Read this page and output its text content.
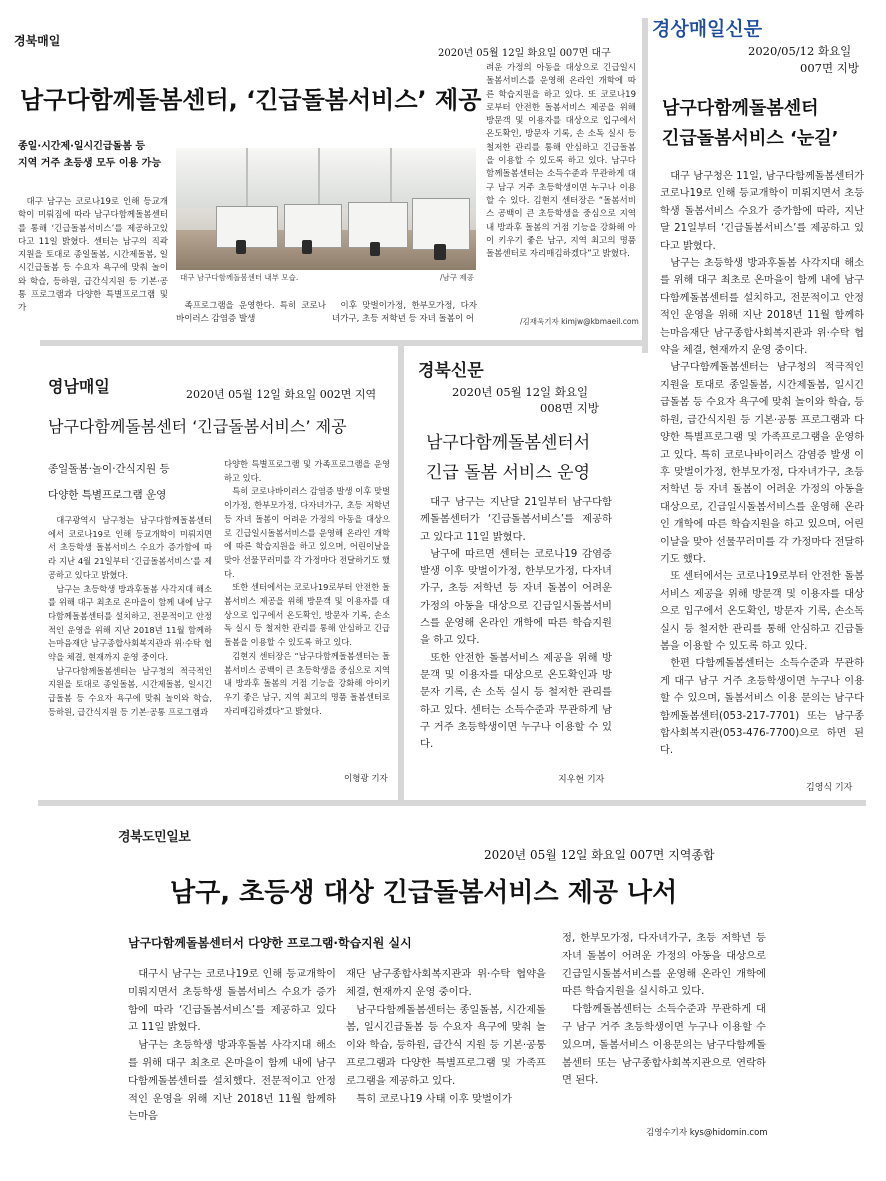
경북매일
2020년 05월 12일 화요일 007면 대구
남구다함께돌봄센터, ‘긴급돌봄서비스’ 제공
종일·시간제·일시긴급돌봄 등
지역 거주 초등생 모두 이용 가능
대구 남구다함께돌봄센터 내부 모습.	/남구 제공

대구 남구는 코로나19로 인해 등교개학이 미뤄짐에 따라 남구다함께돌봄센터를 통해 ‘긴급돌봄서비스’를 제공하고있다고 11일 밝혔다. 센터는 남구의 직곽 지원을 토대로 종일돌봄, 시간제돌봄, 일시긴급돌봄 등 수요자 욕구에 맞춰 놀이와 학습, 등하원, 급간식지원 등 기본·공통 프로그램과 다양한 특별프로그램 및 가	족프로그램을 운영한다. 특히 코로나바이러스 감염증 발생

이후 맞벌이가정, 한부모가정, 다자녀가구, 초등 저학년 등 자녀 돌봄이 어

려운 가정의 아동을 대상으로 긴급일시돌봄서비스를 운영해 온라인 개학에 따른 학습지원을 하고 있다. 또 코로나19로부터 안전한 돌봄서비스 제공을 위해 방문객 및 이용자를 대상으로 입구에서 온도확인, 방문자 기록, 손 소독 실시 등 철저한 관리를 통해 안심하고 긴급돌봄을 이용할 수 있도록 하고 있다. 남구다함께돌봄센터는 소득수준과 무관하게 대구 남구 거주 초등학생이면 누구나 이용할 수 있다. 김현지 센터장은 “돌봄서비스 공백이 큰 초등학생을 중심으로 지역 내 방과후 돌봄의 거점 기능을 강화해 아이 키우기 좋은 남구, 지역 최고의 명품 돌봄센터로 자리매김하겠다”고 밝혔다.

/김재욱기자 kimjw@kbmaeil.com
경상매일신문
2020/05/12 화요일
007면 지방
남구다함께돌봄센터
긴급돌봄서비스 ‘눈길’

대구 남구청은 11일, 남구다함께돌봄센터가 코로나19로 인해 등교개학이 미뤄지면서 초등학생 돌봄서비스 수요가 증가함에 따라, 지난달 21일부터 ‘긴급돌봄서비스’를 제공하고 있다고 밝혔다.

남구는 초등학생 방과후돌봄 사각지대 해소를 위해 대구 최초로 온마을이 함께 내에 남구다함께돌봄센터를 설치하고, 전문적이고 안정적인 운영을 위해 지난 2018년 11월 함께하는마음재단 남구종합사회복지관과 위·수탁 협약을 체결, 현재까지 운영 중이다.

남구다함께돌봄센터는 남구청의 적극적인 지원을 토대로 종일돌봄, 시간제돌봄, 일시긴급돌봄 등 수요자 욕구에 맞춰 놀이와 학습, 등하원, 급간식지원 등 기본·공통 프로그램과 다양한 특별프로그램 및 가족프로그램을 운영하고 있다. 특히 코로나바이러스 감염증 발생 이후 맞벌이가정, 한부모가정, 다자녀가구, 초등 저학년 등 자녀 돌봄이 어려운 가정의 아동을 대상으로, 긴급일시돌봄서비스를 운영해 온라인 개학에 따른 학습지원을 하고 있으며, 어린이날을 맞아 선물꾸러미를 각 가정마다 전달하기도 했다.

또 센터에서는 코로나19로부터 안전한 돌봄서비스 제공을 위해 방문객 및 이용자를 대상으로 입구에서 온도확인, 방문자 기록, 손소독 실시 등 철저한 관리를 통해 안심하고 긴급돌봄을 이용할 수 있도록 하고 있다.

한편 다함께돌봄센터는 소득수준과 무관하게 대구 남구 거주 초등학생이면 누구나 이용할 수 있으며, 돌봄서비스 이용 문의는 남구다함께돌봄센터(053-217-7701) 또는 남구종합사회복지관(053-476-7700)으로 하면 된다.

김영식 기자
영남매일	2020년 05월 12일 화요일 002면 지역
남구다함께돌봄센터 ‘긴급돌봄서비스’ 제공
종일돌봄·놀이·간식지원 등
다양한 특별프로그램 운영

대구광역시 남구청는 남구다함께돌봄센터에서 코로나19로 인해 등교개학이 미뤄지면서 초등학생 돌봄서비스 수요가 증가함에 따라 지난 4월 21일부터 ‘긴급돌봄서비스’를 제공하고 있다고 밝혔다.

남구는 초등학생 방과후돌봄 사각지대 해소를 위해 대구 최초로 온마을이 함께 내에 남구다함께돌봄센터를 설치하고, 전문적이고 안정적인 운영을 위해 지난 2018년 11월 함께하는마음재단 남구종합사회복지관과 위·수탁 협약을 체결, 현재까지 운영 중이다.

남구다함께돌봄센터는 남구청의 적극적인 지원을 토대로 종일돌봄, 시간제돌봄, 일시긴급돌봄 등 수요자 욕구에 맞춰 놀이와 학습, 등하원, 급간식지원 등 기본·공통 프로그램과

다양한 특별프로그램 및 가족프로그램을 운영하고 있다.

특히 코로나바이러스 감염증 발생 이후 맞벌이가정, 한부모가정, 다자녀가구, 초등 저학년 등 자녀 돌봄이 어려운 가정의 아동을 대상으로 긴급일시돌봄서비스를 운영해 온라인 개학에 따른 학습지원을 하고 있으며, 어린이날을 맞아 선물꾸러미를 각 가정마다 전달하기도 했다.

또한 센터에서는 코로나19로부터 안전한 돌봄서비스 제공을 위해 방문객 및 이용자를 대상으로 입구에서 온도확인, 방문자 기록, 손소독 실시 등 철저한 관리를 통해 안심하고 긴급돌봄을 이용할 수 있도록 하고 있다.

김현지 센터장은 “남구다함께돌봄센터는 돌봄서비스 공백이 큰 초등학생을 중심으로 지역 내 방과후 돌봄의 거점 기능을 강화해 아이키우기 좋은 남구, 지역 최고의 명품 돌봄센터로 자리매김하겠다”고 밝혔다.

이형광 기자
경북신문
2020년 05월 12일 화요일
008면 지방
남구다함께돌봄센터서
긴급 돌봄 서비스 운영

대구 남구는 지난달 21일부터 남구다함께돌봄센터가 ‘긴급돌봄서비스’를 제공하고 있다고 11일 밝혔다.

남구에 따르면 센터는 코로나19 감염증 발생 이후 맞벌이가정, 한부모가정, 다자녀가구, 초등 저학년 등 자녀 돌봄이 어려운 가정의 아동을 대상으로 긴급일시돌봄서비스를 운영해 온라인 개학에 따른 학습지원을 하고 있다.

또한 안전한 돌봄서비스 제공을 위해 방문객 및 이용자를 대상으로 온도확인과 방문자 기록, 손 소독 실시 등 철저한 관리를 하고 있다. 센터는 소득수준과 무관하게 남구 거주 초등학생이면 누구나 이용할 수 있다.

지우현 기자
경북도민일보
2020년 05월 12일 화요일 007면 지역종합
남구, 초등생 대상 긴급돌봄서비스 제공 나서
남구다함께돌봄센터서 다양한 프로그램·학습지원 실시

대구시 남구는 코로나19로 인해 등교개학이 미뤄지면서 초등학생 돌봄서비스 수요가 증가함에 따라 ‘긴급돌봄서비스’를 제공하고 있다고 11일 밝혔다.

남구는 초등학생 방과후돌봄 사각지대 해소를 위해 대구 최초로 온마을이 함께 내에 남구다함께돌봄센터를 설치했다. 전문적이고 안정적인 운영을 위해 지난 2018년 11월 함께하는마음

재단 남구종합사회복지관과 위·수탁 협약을 체결, 현재까지 운영 중이다.

남구다함께돌봄센터는 종일돌봄, 시간제돌봄, 일시긴급돌봄 등 수요자 욕구에 맞춰 놀이와 학습, 등하원, 급간식 지원 등 기본·공통 프로그램과 다양한 특별프로그램 및 가족프로그램을 제공하고 있다.

특히 코로나19 사태 이후 맞벌이가

정, 한부모가정, 다자녀가구, 초등 저학년 등 자녀 돌봄이 어려운 가정의 아동을 대상으로 긴급일시돌봄서비스를 운영해 온라인 개학에 따른 학습지원을 실시하고 있다.

다함께돌봄센터는 소득수준과 무관하게 대구 남구 거주 초등학생이면 누구나 이용할 수 있으며, 돌봄서비스 이용문의는 남구다함께돌봄센터 또는 남구종합사회복지관으로 연락하면 된다.

김영수기자 kys@hidomin.com
